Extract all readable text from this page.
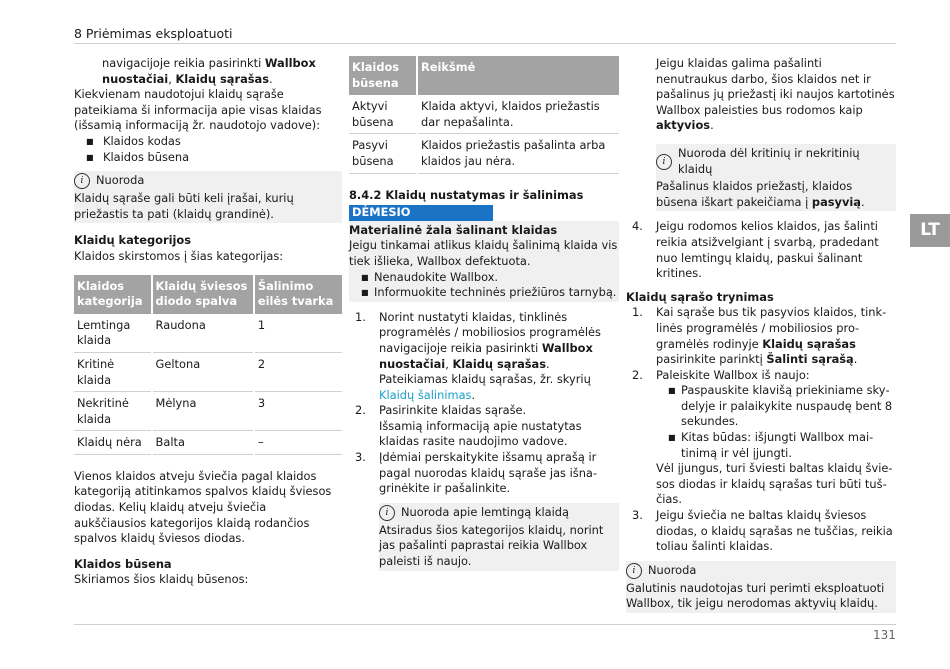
8 Priėmimas eksploatuoti
LT

navigacijoje reikia pasirinkti Wallbox nuostačiai, Klaidų sąrašas.

Kiekvienam naudotojui klaidų sąraše pateikiama ši informacija apie visas klaidas (išsamią informaciją žr. naudotojo vadove):

■ Klaidos kodas
■ Klaidos būsena
i	Nuoroda

Klaidų sąraše gali būti keli įrašai, kurių priežastis ta pati (klaidų grandinė).

Klaidų kategorijos

Klaidos skirstomos į šias kategorijas:

Klaidos kategorija	Klaidų šviesos diodo spalva	Šalinimo eilės tvarka
Lemtinga klaida	Raudona	1
Kritinė klaida	Geltona	2
Nekritinė klaida	Mėlyna	3
Klaidų nėra	Balta	–

Vienos klaidos atveju šviečia pagal klaidos kategoriją atitinkamos spalvos klaidų šviesos diodas. Kelių klaidų atveju šviečia aukščiausios kategorijos klaidą rodančios spalvos klaidų šviesos diodas.

Klaidos būsena

Skiriamos šios klaidų būsenos:

Klaidos būsena	Reikšmė
Aktyvi būsena	Klaida aktyvi, klaidos priežastis dar nepašalinta.
Pasyvi būsena	Klaidos priežastis pašalinta arba klaidos jau nėra.

8.4.2 Klaidų nustatymas ir šalinimas

DĖMESIO

Materialinė žala šalinant klaidas

Jeigu tinkamai atlikus klaidų šalinimą klaida vis tiek išlieka, Wallbox defektuota.

■ Nenaudokite Wallbox.
■ Informuokite techninės priežiūros tarnybą.
1. Norint nustatyti klaidas, tinklinės programėlės / mobiliosios programėlės navigacijoje reikia pasirinkti Wallbox nuostačiai, Klaidų sąrašas.

Pateikiamas klaidų sąrašas, žr. skyrių Klaidų šalinimas.

2. Pasirinkite klaidas sąraše.

Išsamią informaciją apie nustatytas klaidas rasite naudojimo vadove.

3. Įdėmiai perskaitykite išsamų aprašą ir pagal nuorodas klaidų sąraše jas išnagrinėkite ir pašalinkite.

i	Nuoroda apie lemtingą klaidą

Atsiradus šios kategorijos klaidų, norint jas pašalinti paprastai reikia Wallbox paleisti iš naujo.

Jeigu klaidas galima pašalinti nenutraukus darbo, šios klaidos net ir pašalinus jų priežastį iki naujos kartotinės Wallbox paleisties bus rodomos kaip aktyvios.

i
Nuoroda dėl kritinių ir nekritinių klaidų

Pašalinus klaidos priežastį, klaidos būsena iškart pakeičiama į pasyvią.

4. Jeigu rodomos kelios klaidos, jas šalinti reikia atsižvelgiant į svarbą, pradedant nuo lemtingų klaidų, paskui šalinant kritines.

Klaidų sąrašo trynimas

1. Kai sąraše bus tik pasyvios klaidos, tinklinės programėlės / mobiliosios programėlės rodinyje Klaidų sąrašas pasirinkite parinktį Šalinti sąrašą.

2. Paleiskite Wallbox iš naujo:

■ Paspauskite klavišą priekiniame skydelyje ir palaikykite nuspaudę bent 8 sekundes.
■ Kitas būdas: išjungti Wallbox maitinimą ir vėl įjungti.

Vėl įjungus, turi šviesti baltas klaidų šviesos diodas ir klaidų sąrašas turi būti tuščias.

3. Jeigu šviečia ne baltas klaidų šviesos diodas, o klaidų sąrašas ne tuščias, reikia toliau šalinti klaidas.

i	Nuoroda

Galutinis naudotojas turi perimti eksploatuoti Wallbox, tik jeigu nerodomas aktyvių klaidų.

131
